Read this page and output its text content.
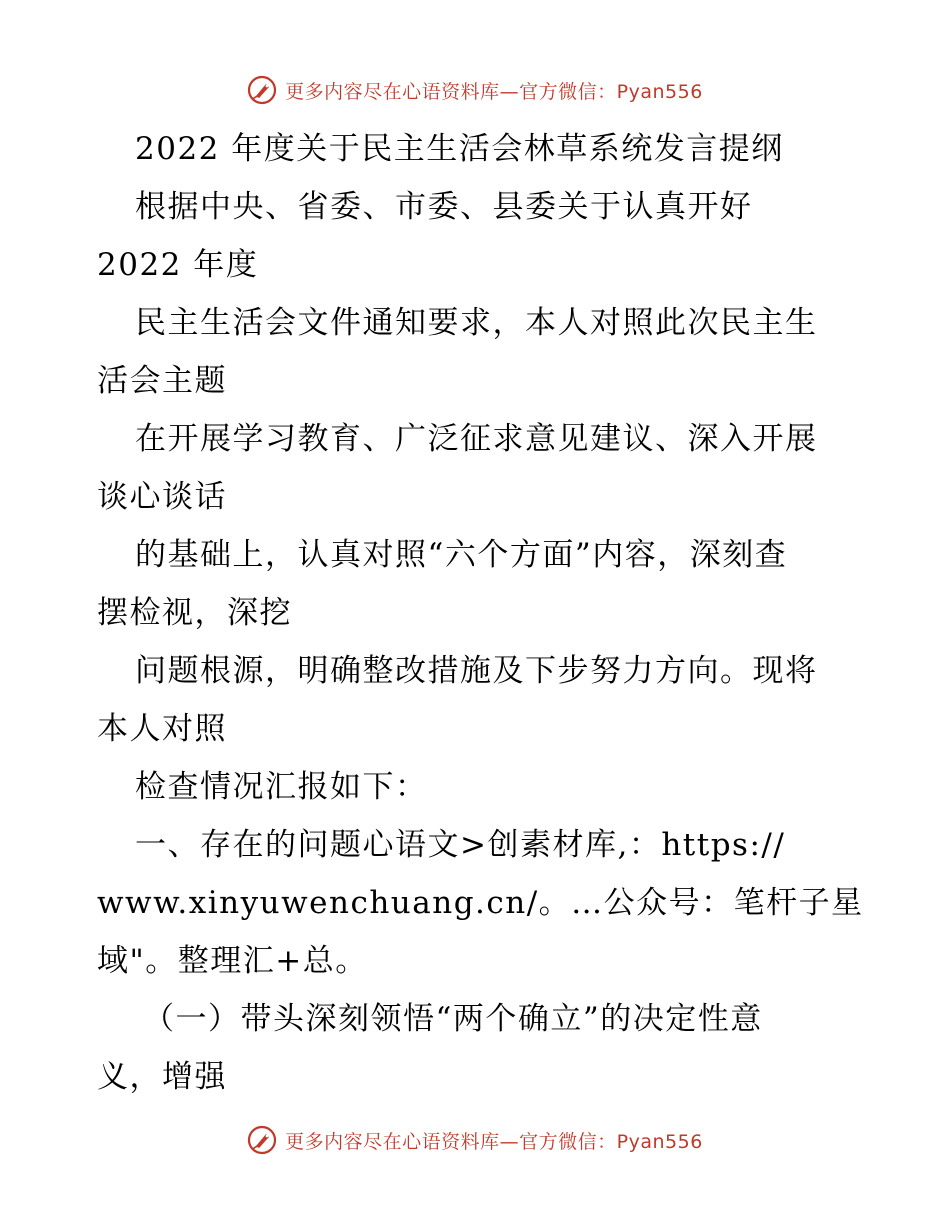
更多内容尽在心语资料库—官方微信：Pyan556
2022 年度关于民主生活会林草系统发言提纲
根据中央、省委、市委、县委关于认真开好
2022 年度
民主生活会文件通知要求，本人对照此次民主生
活会主题
在开展学习教育、广泛征求意见建议、深入开展
谈心谈话
的基础上，认真对照“六个方面”内容，深刻查
摆检视，深挖
问题根源，明确整改措施及下步努力方向。现将
本人对照
检查情况汇报如下：
一、存在的问题心语文>创素材库,：https://
www.xinyuwenchuang.cn/。…公众号：笔杆子星
域"。整理汇+总。
（一）带头深刻领悟“两个确立”的决定性意
义，增强
更多内容尽在心语资料库—官方微信：Pyan556
